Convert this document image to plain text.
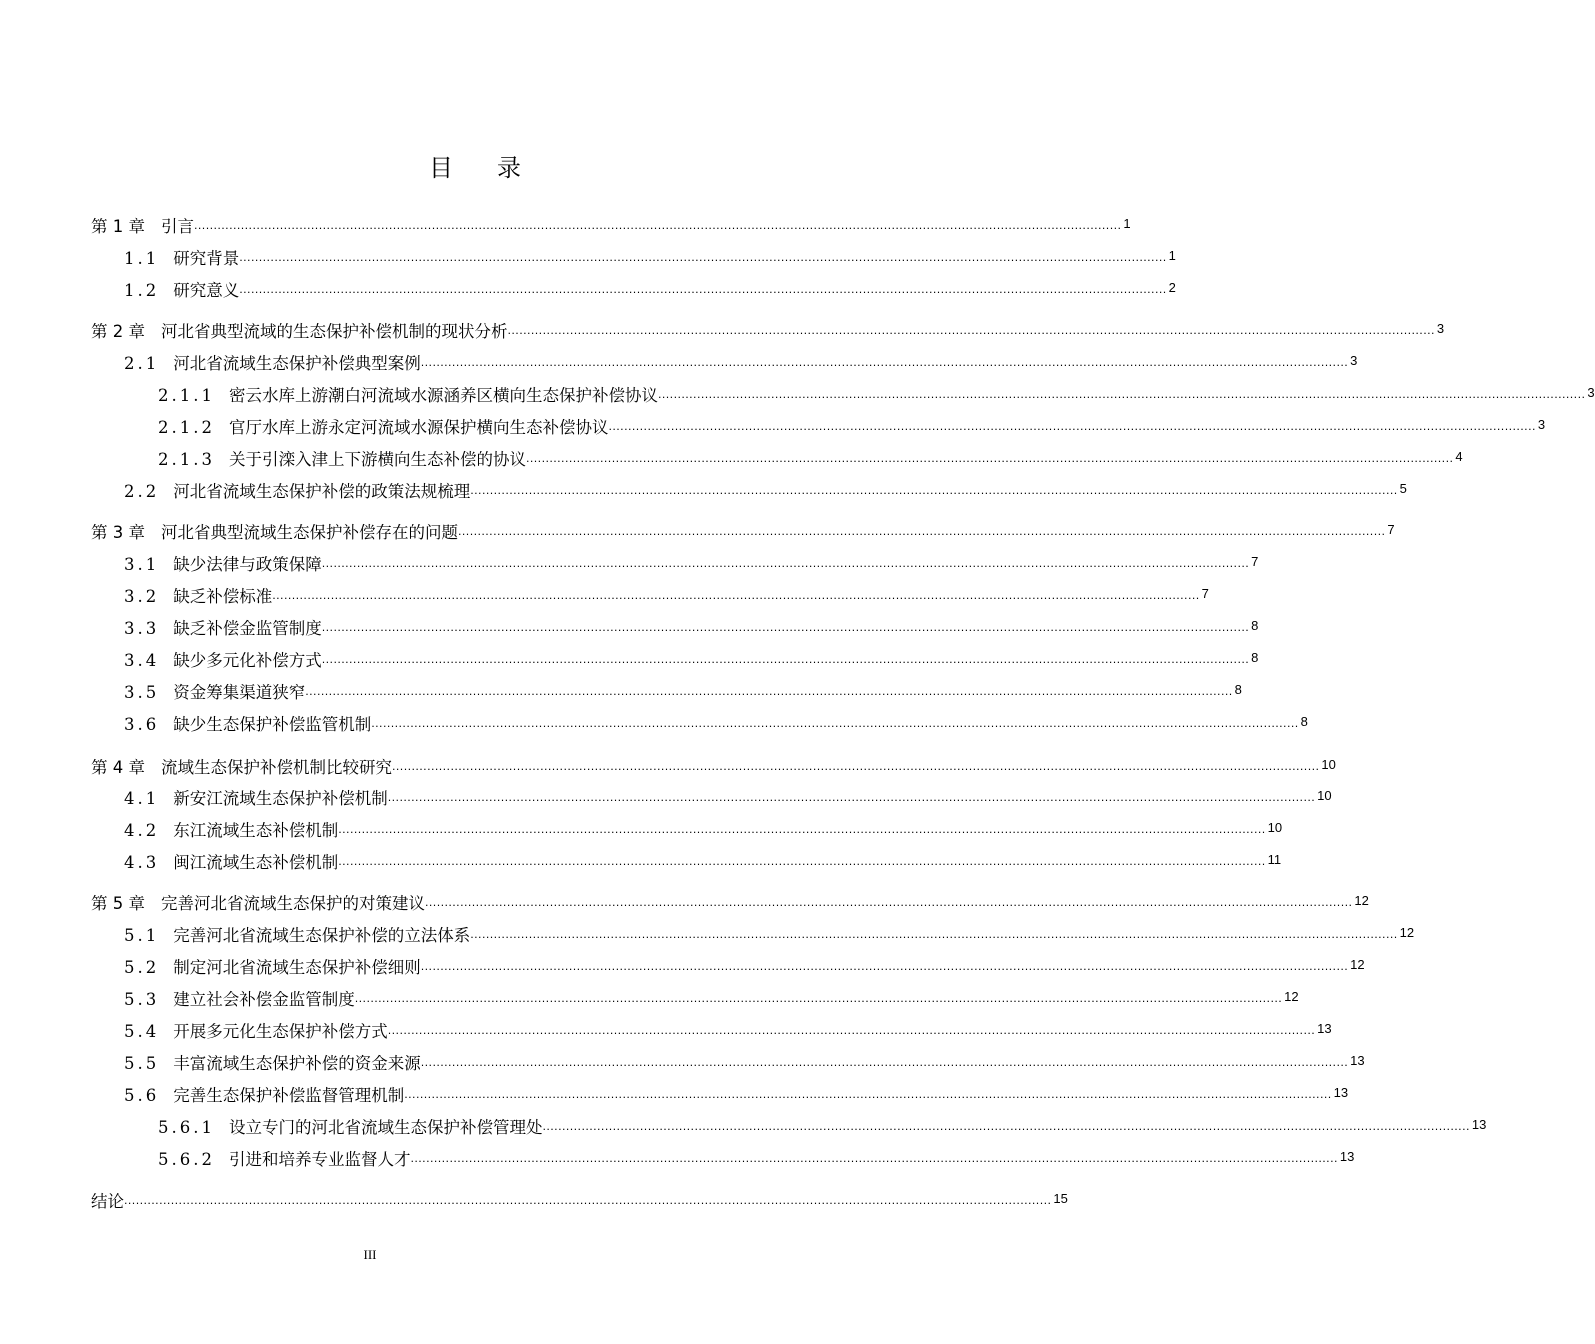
目 录
第 1 章 引言 .............................................................................................................................................................................................................................................. 1
1.1 研究背景 .............................................................................................................................................................................................................................................. 1
1.2 研究意义 .............................................................................................................................................................................................................................................. 2
第 2 章 河北省典型流域的生态保护补偿机制的现状分析 .............................................................................................................................................................................................................................................. 3
2.1 河北省流域生态保护补偿典型案例 .............................................................................................................................................................................................................................................. 3
2.1.1 密云水库上游潮白河流域水源涵养区横向生态保护补偿协议 .............................................................................................................................................................................................................................................. 3
2.1.2 官厅水库上游永定河流域水源保护横向生态补偿协议 .............................................................................................................................................................................................................................................. 3
2.1.3 关于引滦入津上下游横向生态补偿的协议 .............................................................................................................................................................................................................................................. 4
2.2 河北省流域生态保护补偿的政策法规梳理 .............................................................................................................................................................................................................................................. 5
第 3 章 河北省典型流域生态保护补偿存在的问题 .............................................................................................................................................................................................................................................. 7
3.1 缺少法律与政策保障 .............................................................................................................................................................................................................................................. 7
3.2 缺乏补偿标准 .............................................................................................................................................................................................................................................. 7
3.3 缺乏补偿金监管制度 .............................................................................................................................................................................................................................................. 8
3.4 缺少多元化补偿方式 .............................................................................................................................................................................................................................................. 8
3.5 资金筹集渠道狭窄 .............................................................................................................................................................................................................................................. 8
3.6 缺少生态保护补偿监管机制 .............................................................................................................................................................................................................................................. 8
第 4 章 流域生态保护补偿机制比较研究 .............................................................................................................................................................................................................................................. 10
4.1 新安江流域生态保护补偿机制 .............................................................................................................................................................................................................................................. 10
4.2 东江流域生态补偿机制 .............................................................................................................................................................................................................................................. 10
4.3 闽江流域生态补偿机制 .............................................................................................................................................................................................................................................. 11
第 5 章 完善河北省流域生态保护的对策建议 .............................................................................................................................................................................................................................................. 12
5.1 完善河北省流域生态保护补偿的立法体系 .............................................................................................................................................................................................................................................. 12
5.2 制定河北省流域生态保护补偿细则 .............................................................................................................................................................................................................................................. 12
5.3 建立社会补偿金监管制度 .............................................................................................................................................................................................................................................. 12
5.4 开展多元化生态保护补偿方式 .............................................................................................................................................................................................................................................. 13
5.5 丰富流域生态保护补偿的资金来源 .............................................................................................................................................................................................................................................. 13
5.6 完善生态保护补偿监督管理机制 .............................................................................................................................................................................................................................................. 13
5.6.1 设立专门的河北省流域生态保护补偿管理处 .............................................................................................................................................................................................................................................. 13
5.6.2 引进和培养专业监督人才 .............................................................................................................................................................................................................................................. 13
结论 .............................................................................................................................................................................................................................................. 15
III
